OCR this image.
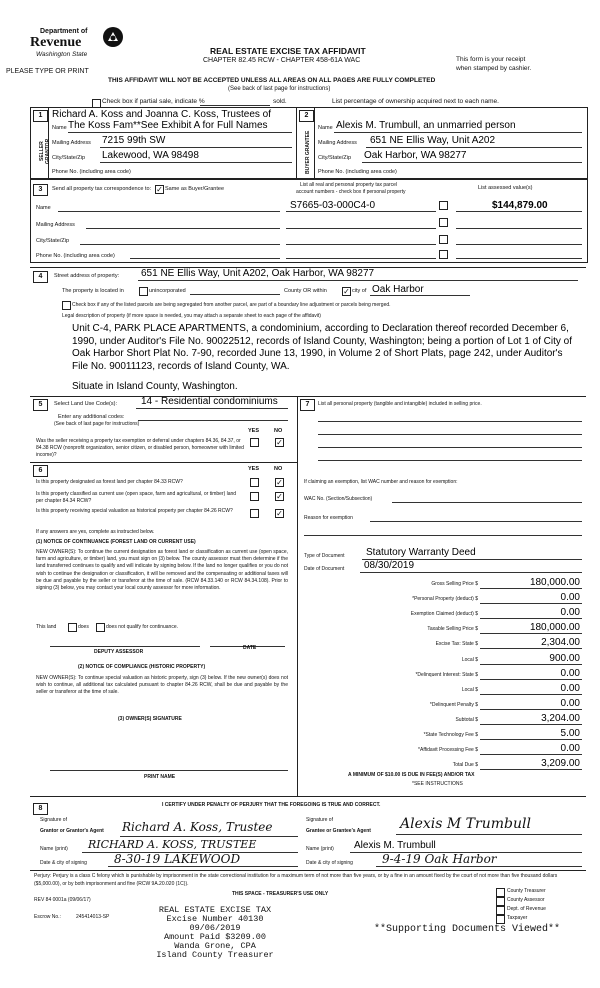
Department of
Revenue
Washington State
PLEASE TYPE OR PRINT
REAL ESTATE EXCISE TAX AFFIDAVIT
CHAPTER 82.45 RCW - CHAPTER 458-61A WAC	This form is your receipt
when stamped by cashier.
THIS AFFIDAVIT WILL NOT BE ACCEPTED UNLESS ALL AREAS ON ALL PAGES ARE FULLY COMPLETED
(See back of last page for instructions)
Check box if partial sale, indicate %	sold.	List percentage of ownership acquired next to each name.
1
SELLER GRANTOR
Richard A. Koss and Joanna C. Koss, Trustees of
Name The Koss Fam**See Exhibit A for Full Names
Mailing Address 7215 99th SW
City/State/Zip Lakewood, WA 98498
Phone No. (including area code)
2
BUYER GRANTEE
Name Alexis M. Trumbull, an unmarried person
Mailing Address 651 NE Ellis Way, Unit A202
City/State/Zip Oak Harbor, WA 98277
Phone No. (including area code)
3	Send all property tax correspondence to: ✓ Same as Buyer/Grantee
List all real and personal property tax parcel
account numbers - check box if personal property
List assessed value(s)
Name
Mailing Address
City/State/Zip
Phone No. (including area code)
S7665-03-000C4-0	$144,879.00
4	Street address of property: 651 NE Ellis Way, Unit A202, Oak Harbor, WA 98277
The property is located in	unincorporated	County OR within ✓ city of Oak Harbor
Check box if any of the listed parcels are being segregated from another parcel, are part of a boundary line adjustment or parcels being merged.
Legal description of property (if more space is needed, you may attach a separate sheet to each page of the affidavit)
Unit C-4, PARK PLACE APARTMENTS, a condominium, according to Declaration thereof recorded December 6, 1990, under Auditor's File No. 90022512, records of Island County, Washington; being a portion of Lot 1 of City of Oak Harbor Short Plat No. 7-90, recorded June 13, 1990, in Volume 2 of Short Plats, page 242, under Auditor's File No. 90011123, records of Island County, WA.
Situate in Island County, Washington.
5	Select Land Use Code(s): 14 - Residential condominiums
Enter any additional codes:
(See back of last page for instructions)
YES	NO
Was the seller receiving a property tax exemption or deferral under chapters 84.36, 84.37, or 84.38 RCW (nonprofit organization, senior citizen, or disabled person, homeowner with limited income)?
✓
6	YES	NO
Is this property designated as forest land per chapter 84.33 RCW?	✓
Is this property classified as current use (open space, farm and agricultural, or timber) land per chapter 84.34 RCW?	✓
Is this property receiving special valuation as historical property per chapter 84.26 RCW?	✓
If any answers are yes, complete as instructed below.
(1) NOTICE OF CONTINUANCE (FOREST LAND OR CURRENT USE)
NEW OWNER(S): To continue the current designation as forest land or classification as current use (open space, farm and agriculture, or timber) land, you must sign on (3) below. The county assessor must then determine if the land transferred continues to qualify and will indicate by signing below. If the land no longer qualifies or you do not wish to continue the designation or classification, it will be removed and the compensating or additional taxes will be due and payable by the seller or transferor at the time of sale. (RCW 84.33.140 or RCW 84.34.108). Prior to signing (3) below, you may contact your local county assessor for more information.
This land	does	does not qualify for continuance.
DEPUTY ASSESSOR
DATE
(2) NOTICE OF COMPLIANCE (HISTORIC PROPERTY)
NEW OWNER(S): To continue special valuation as historic property, sign (3) below. If the new owner(s) does not wish to continue, all additional tax calculated pursuant to chapter 84.26 RCW, shall be due and payable by the seller or transferor at the time of sale.
(3) OWNER(S) SIGNATURE
PRINT NAME
7	List all personal property (tangible and intangible) included in selling price.
If claiming an exemption, list WAC number and reason for exemption:
WAC No. (Section/Subsection)
Reason for exemption
Type of Document Statutory Warranty Deed
Date of Document 08/30/2019
Gross Selling Price $	180,000.00
*Personal Property (deduct) $	0.00
Exemption Claimed (deduct) $	0.00
Taxable Selling Price $	180,000.00
Excise Tax: State $	2,304.00
Local $	900.00
*Delinquent Interest: State $	0.00
Local $	0.00
*Delinquent Penalty $	0.00
Subtotal $	3,204.00
*State Technology Fee $	5.00
*Affidavit Processing Fee $	0.00
Total Due $	3,209.00
A MINIMUM OF $10.00 IS DUE IN FEE(S) AND/OR TAX
*SEE INSTRUCTIONS
8	I CERTIFY UNDER PENALTY OF PERJURY THAT THE FOREGOING IS TRUE AND CORRECT.
Signature of
Grantor or Grantor's Agent Richard A. Koss, Trustee
Name (print) RICHARD A. KOSS, TRUSTEE
Date & city of signing 8-30-19 LAKEWOOD
Signature of
Grantee or Grantee's Agent Alexis M Trumbull
Name (print) Alexis M. Trumbull
Date & city of signing 9-4-19 Oak Harbor
Perjury: Perjury is a class C felony which is punishable by imprisonment in the state correctional institution for a maximum term of not more than five years, or by a fine in an amount fixed by the court of not more than five thousand dollars ($5,000.00), or by both imprisonment and fine (RCW 9A.20.020 (1C)).
REV 84 0001a (09/06/17)
THIS SPACE - TREASURER'S USE ONLY
Escrow No.:	245414013-SP
REAL ESTATE EXCISE TAX
Excise Number 40130
09/06/2019
Amount Paid $3209.00
Wanda Grone, CPA
Island County Treasurer
**Supporting Documents Viewed**
County Treasurer
County Assessor
Dept. of Revenue
Taxpayer
